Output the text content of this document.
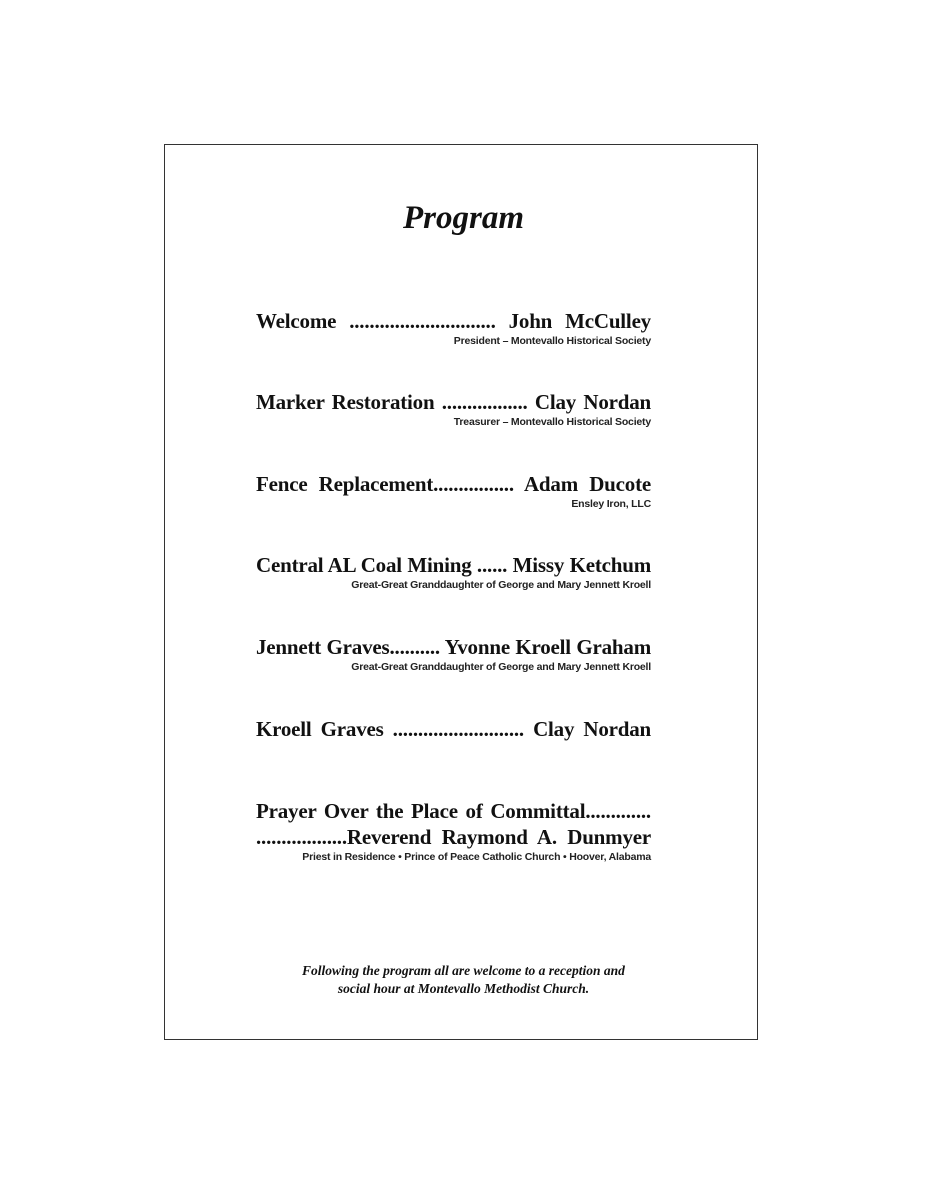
Program
Welcome ............................. John McCulley
President – Montevallo Historical Society
Marker Restoration ................. Clay Nordan
Treasurer – Montevallo Historical Society
Fence Replacement................ Adam Ducote
Ensley Iron, LLC
Central AL Coal Mining ...... Missy Ketchum
Great-Great Granddaughter of George and Mary Jennett Kroell
Jennett Graves.......... Yvonne Kroell Graham
Great-Great Granddaughter of George and Mary Jennett Kroell
Kroell Graves .......................... Clay Nordan
Prayer Over the Place of Committal.............
..................Reverend Raymond A. Dunmyer
Priest in Residence • Prince of Peace Catholic Church • Hoover, Alabama
Following the program all are welcome to a reception and
social hour at Montevallo Methodist Church.
